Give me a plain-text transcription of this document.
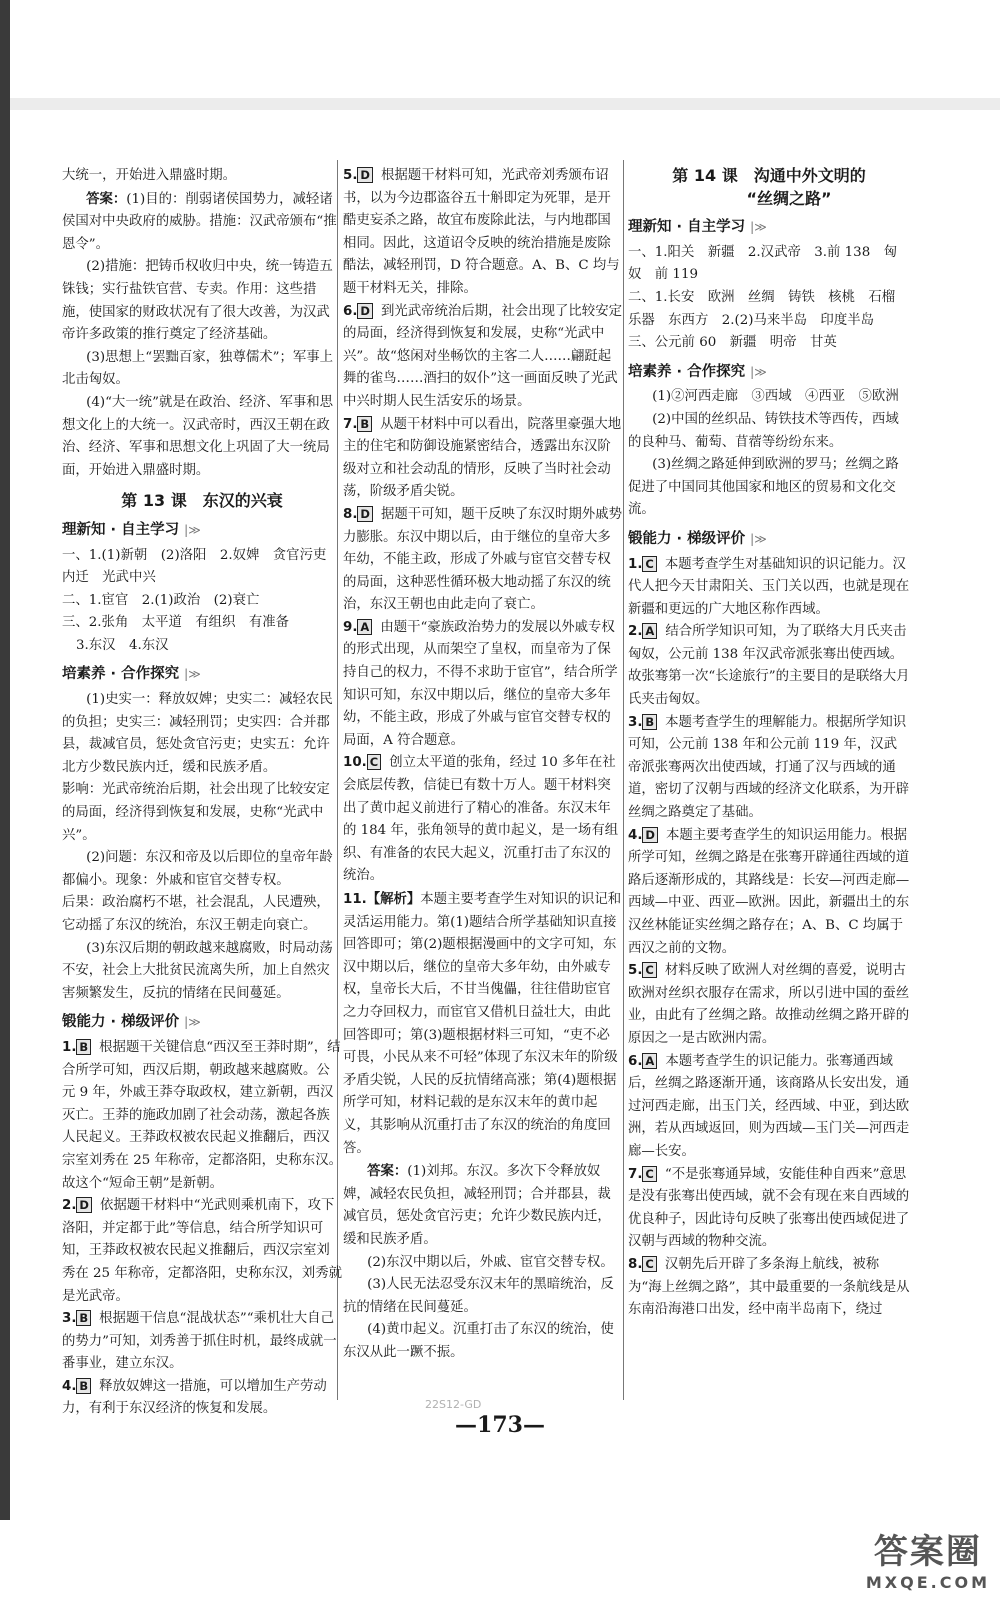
大统一，开始进入鼎盛时期。

答案：(1)目的：削弱诸侯国势力，减轻诸侯国对中央政府的威胁。措施：汉武帝颁布“推恩令”。

(2)措施：把铸币权收归中央，统一铸造五铢钱；实行盐铁官营、专卖。作用：这些措施，使国家的财政状况有了很大改善，为汉武帝许多政策的推行奠定了经济基础。

(3)思想上“罢黜百家，独尊儒术”；军事上北击匈奴。

(4)“大一统”就是在政治、经济、军事和思想文化上的大统一。汉武帝时，西汉王朝在政治、经济、军事和思想文化上巩固了大一统局面，开始进入鼎盛时期。

第 13 课　东汉的兴衰
理新知 · 自主学习 |≫

一、1.(1)新朝　(2)洛阳　2.奴婢　贪官污吏　内迁　光武中兴

二、1.宦官　2.(1)政治　(2)衰亡

三、2.张角　太平道　有组织　有准备

3.东汉　4.东汉

培素养 · 合作探究 |≫

(1)史实一：释放奴婢；史实二：减轻农民的负担；史实三：减轻刑罚；史实四：合并郡县，裁减官员，惩处贪官污吏；史实五：允许北方少数民族内迁，缓和民族矛盾。

影响：光武帝统治后期，社会出现了比较安定的局面，经济得到恢复和发展，史称“光武中兴”。

(2)问题：东汉和帝及以后即位的皇帝年龄都偏小。现象：外戚和宦官交替专权。

后果：政治腐朽不堪，社会混乱，人民遭殃，它动摇了东汉的统治，东汉王朝走向衰亡。

(3)东汉后期的朝政越来越腐败，时局动荡不安，社会上大批贫民流离失所，加上自然灾害频繁发生，反抗的情绪在民间蔓延。

锻能力 · 梯级评价 |≫

1. B 根据题干关键信息“西汉至王莽时期”，结合所学可知，西汉后期，朝政越来越腐败。公元 9 年，外戚王莽夺取政权，建立新朝，西汉灭亡。王莽的施政加剧了社会动荡，激起各族人民起义。王莽政权被农民起义推翻后，西汉宗室刘秀在 25 年称帝，定都洛阳，史称东汉。故这个“短命王朝”是新朝。

2. D 依据题干材料中“光武则乘机南下，攻下洛阳，并定都于此”等信息，结合所学知识可知，王莽政权被农民起义推翻后，西汉宗室刘秀在 25 年称帝，定都洛阳，史称东汉，刘秀就是光武帝。

3. B 根据题干信息“混战状态”“乘机壮大自己的势力”可知，刘秀善于抓住时机，最终成就一番事业，建立东汉。

4. B 释放奴婢这一措施，可以增加生产劳动力，有利于东汉经济的恢复和发展。

5. D 根据题干材料可知，光武帝刘秀颁布诏书，以为今边郡盗谷五十斛即定为死罪，是开酷吏妄杀之路，故宜布废除此法，与内地郡国相同。因此，这道诏令反映的统治措施是废除酷法，减轻刑罚，D 符合题意。A、B、C 均与题干材料无关，排除。

6. D 到光武帝统治后期，社会出现了比较安定的局面，经济得到恢复和发展，史称“光武中兴”。故“悠闲对坐畅饮的主客二人……翩跹起舞的雀鸟……酒扫的奴仆”这一画面反映了光武中兴时期人民生活安乐的场景。

7. B 从题干材料中可以看出，院落里豪强大地主的住宅和防御设施紧密结合，透露出东汉阶级对立和社会动乱的情形，反映了当时社会动荡，阶级矛盾尖锐。

8. D 据题干可知，题干反映了东汉时期外戚势力膨胀。东汉中期以后，由于继位的皇帝大多年幼，不能主政，形成了外戚与宦官交替专权的局面，这种恶性循环极大地动摇了东汉的统治，东汉王朝也由此走向了衰亡。

9. A 由题干“豪族政治势力的发展以外戚专权的形式出现，从而架空了皇权，而皇帝为了保持自己的权力，不得不求助于宦官”，结合所学知识可知，东汉中期以后，继位的皇帝大多年幼，不能主政，形成了外戚与宦官交替专权的局面，A 符合题意。

10. C 创立太平道的张角，经过 10 多年在社会底层传教，信徒已有数十万人。题干材料突出了黄巾起义前进行了精心的准备。东汉末年的 184 年，张角领导的黄巾起义，是一场有组织、有准备的农民大起义，沉重打击了东汉的统治。

11.【解析】本题主要考查学生对知识的识记和灵活运用能力。第(1)题结合所学基础知识直接回答即可；第(2)题根据漫画中的文字可知，东汉中期以后，继位的皇帝大多年幼，由外戚专权，皇帝长大后，不甘当傀儡，往往借助宦官之力夺回权力，而宦官又借机日益壮大，由此回答即可；第(3)题根据材料三可知，“吏不必可畏，小民从来不可轻”体现了东汉末年的阶级矛盾尖锐，人民的反抗情绪高涨；第(4)题根据所学可知，材料记载的是东汉末年的黄巾起义，其影响从沉重打击了东汉的统治的角度回答。

答案：(1)刘邦。东汉。多次下令释放奴婢，减轻农民负担，减轻刑罚；合并郡县，裁减官员，惩处贪官污吏；允许少数民族内迁，缓和民族矛盾。

(2)东汉中期以后，外戚、宦官交替专权。

(3)人民无法忍受东汉末年的黑暗统治，反抗的情绪在民间蔓延。

(4)黄巾起义。沉重打击了东汉的统治，使东汉从此一蹶不振。

第 14 课　沟通中外文明的
“丝绸之路”
理新知 · 自主学习 |≫

一、1.阳关　新疆　2.汉武帝　3.前 138　匈奴　前 119

二、1.长安　欧洲　丝绸　铸铁　核桃　石榴　乐器　东西方　2.(2)马来半岛　印度半岛

三、公元前 60　新疆　明帝　甘英

培素养 · 合作探究 |≫

(1)②河西走廊　③西域　④西亚　⑤欧洲

(2)中国的丝织品、铸铁技术等西传，西域的良种马、葡萄、苜蓿等纷纷东来。

(3)丝绸之路延伸到欧洲的罗马；丝绸之路促进了中国同其他国家和地区的贸易和文化交流。

锻能力 · 梯级评价 |≫

1. C 本题考查学生对基础知识的识记能力。汉代人把今天甘肃阳关、玉门关以西，也就是现在新疆和更远的广大地区称作西域。

2. A 结合所学知识可知，为了联络大月氏夹击匈奴，公元前 138 年汉武帝派张骞出使西域。故张骞第一次“长途旅行”的主要目的是联络大月氏夹击匈奴。

3. B 本题考查学生的理解能力。根据所学知识可知，公元前 138 年和公元前 119 年，汉武帝派张骞两次出使西域，打通了汉与西域的通道，密切了汉朝与西域的经济文化联系，为开辟丝绸之路奠定了基础。

4. D 本题主要考查学生的知识运用能力。根据所学可知，丝绸之路是在张骞开辟通往西域的道路后逐渐形成的，其路线是：长安—河西走廊—西域—中亚、西亚—欧洲。因此，新疆出土的东汉丝林能证实丝绸之路存在；A、B、C 均属于西汉之前的文物。

5. C 材料反映了欧洲人对丝绸的喜爱，说明古欧洲对丝织衣服存在需求，所以引进中国的蚕丝业，由此有了丝绸之路。故推动丝绸之路开辟的原因之一是古欧洲内需。

6. A 本题考查学生的识记能力。张骞通西域后，丝绸之路逐渐开通，该商路从长安出发，通过河西走廊，出玉门关，经西域、中亚，到达欧洲，若从西域返回，则为西域—玉门关—河西走廊—长安。

7. C “不是张骞通异域，安能佳种自西来”意思是没有张骞出使西域，就不会有现在来自西域的优良种子，因此诗句反映了张骞出使西域促进了汉朝与西域的物种交流。

8. C 汉朝先后开辟了多条海上航线，被称为“海上丝绸之路”，其中最重要的一条航线是从东南沿海港口出发，经中南半岛南下，绕过

22S12-GD
—173—
答案圈
MXQE.COM
